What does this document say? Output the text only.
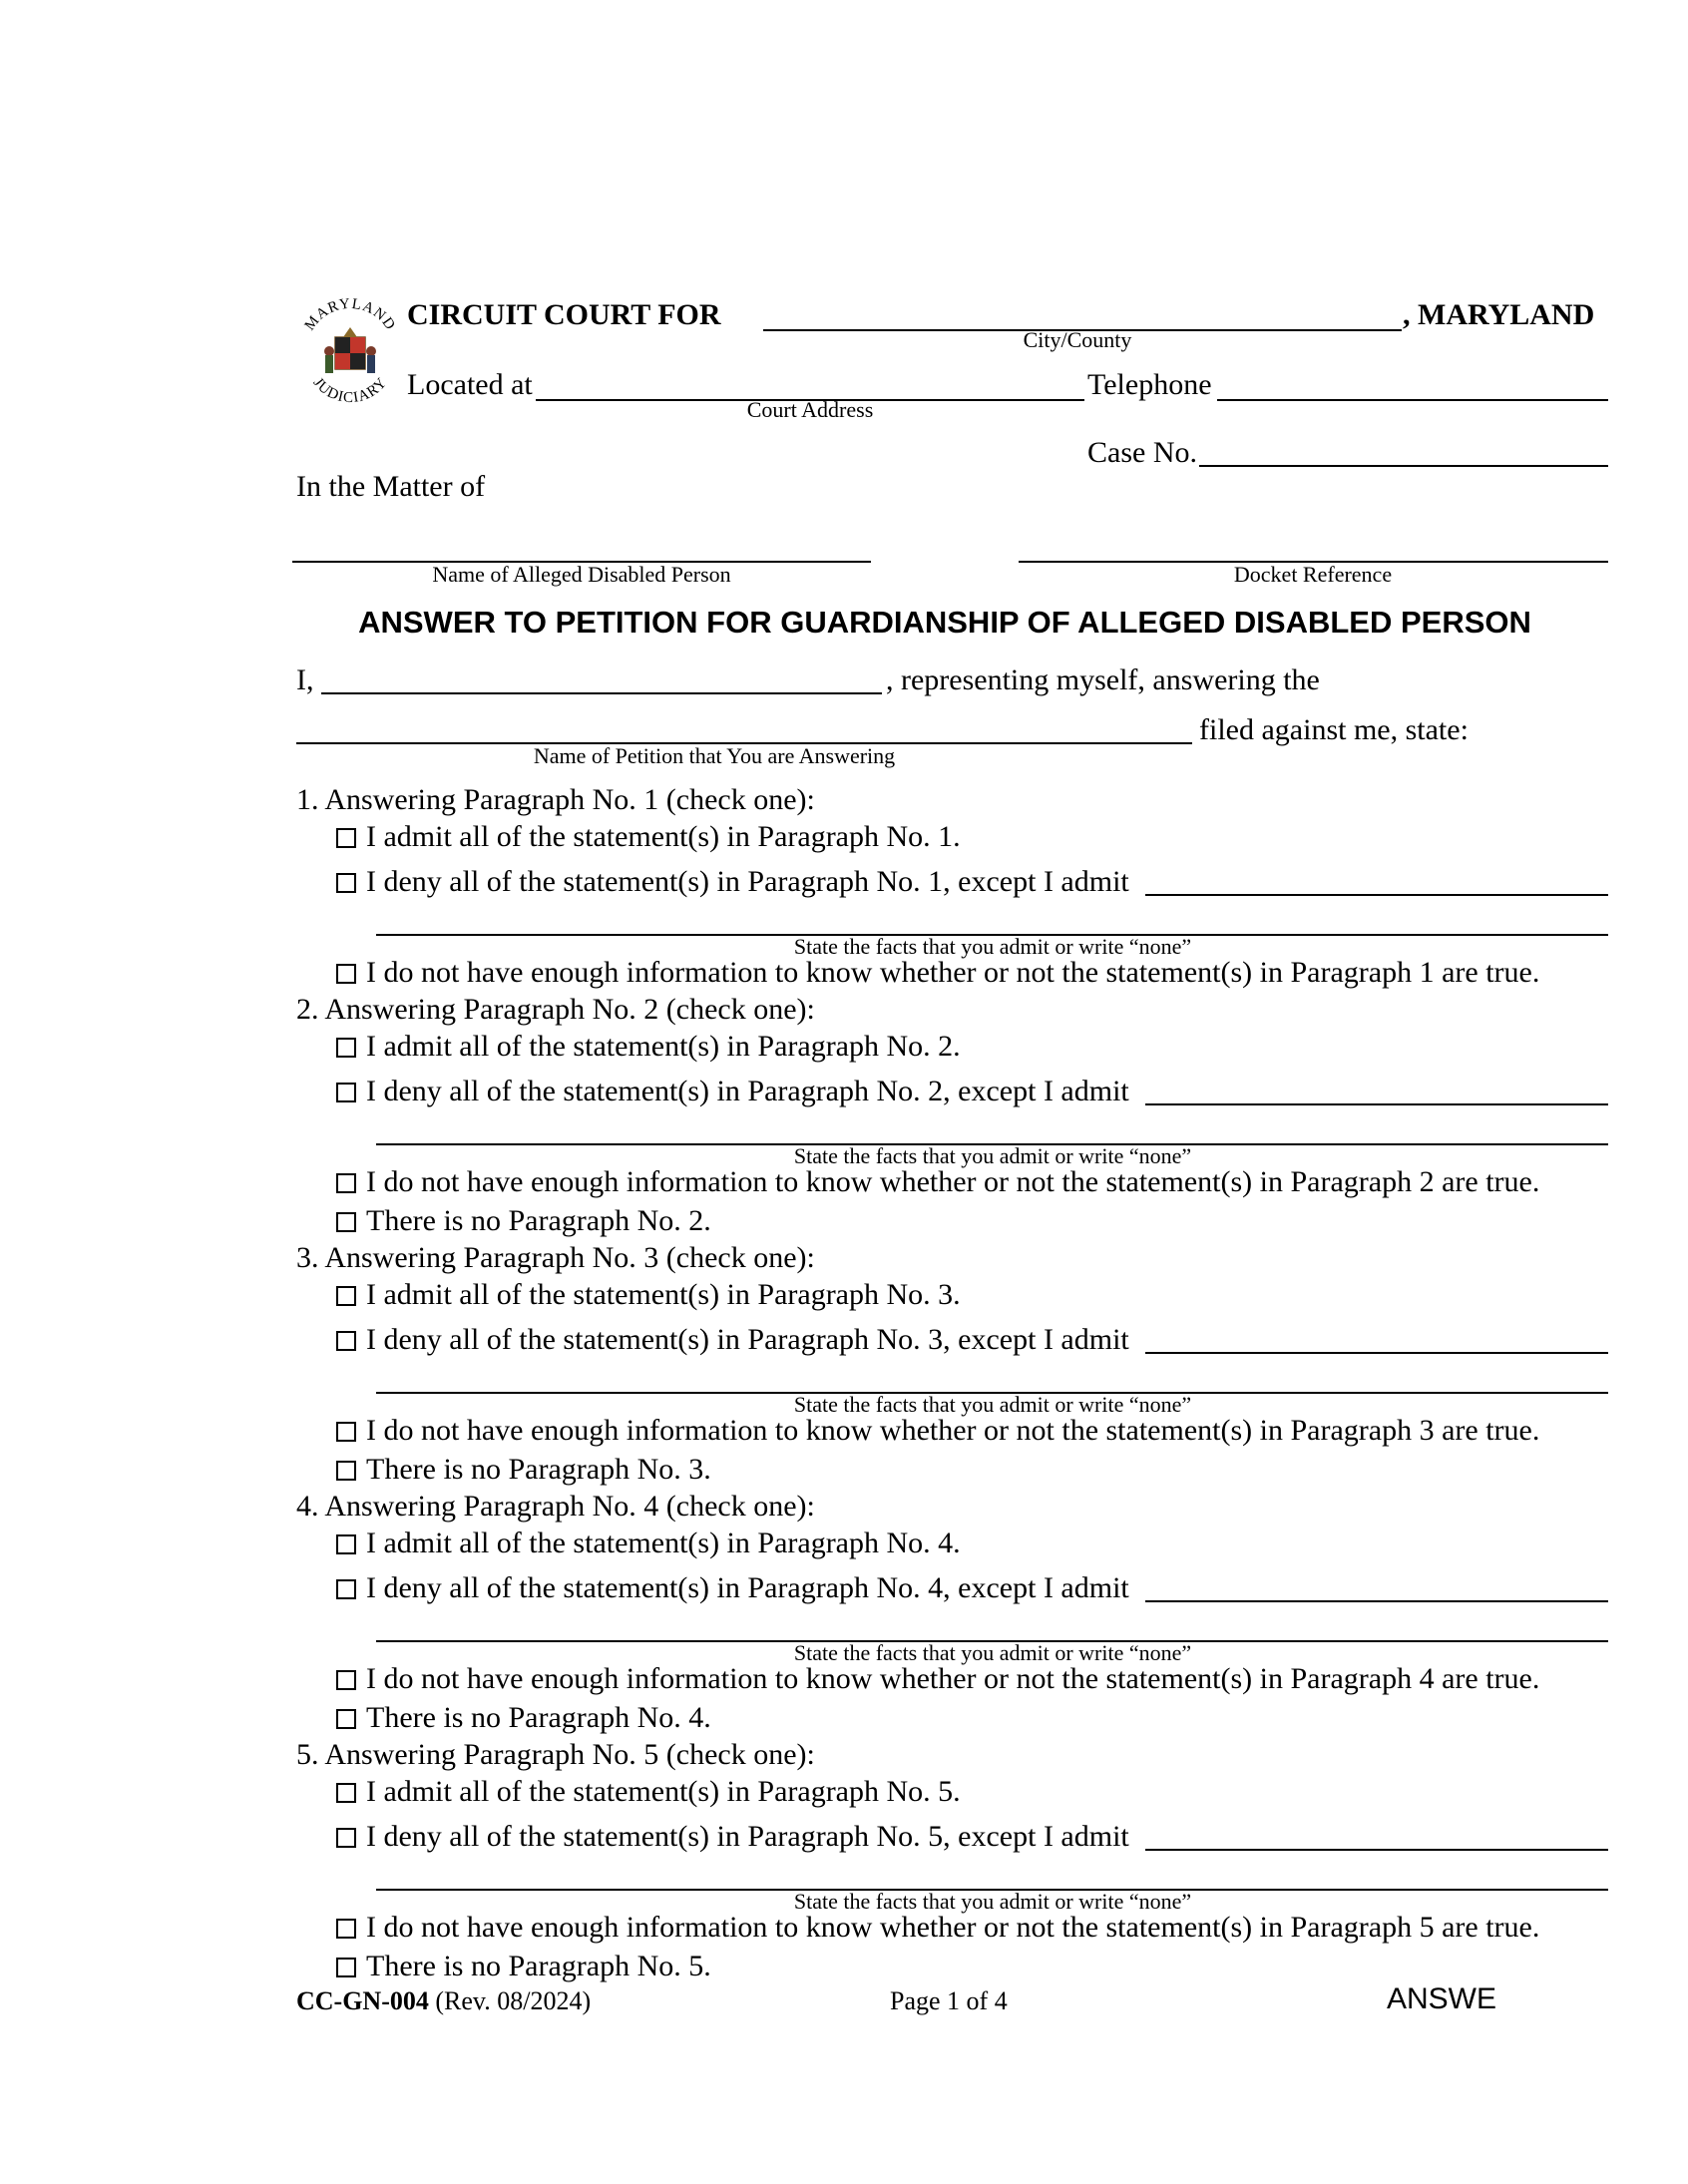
MARYLAND
JUDICIARY
CIRCUIT COURT FOR
City/County
, MARYLAND
Located at
Court Address
Telephone
Case No.
In the Matter of
Name of Alleged Disabled Person	Docket Reference
ANSWER TO PETITION FOR GUARDIANSHIP OF ALLEGED DISABLED PERSON
I,	, representing myself, answering the
filed against me, state:
Name of Petition that You are Answering
1. Answering Paragraph No. 1 (check one):
I admit all of the statement(s) in Paragraph No. 1.
I deny all of the statement(s) in Paragraph No. 1, except I admit
State the facts that you admit or write “none”
I do not have enough information to know whether or not the statement(s) in Paragraph 1 are true.
2. Answering Paragraph No. 2 (check one):
I admit all of the statement(s) in Paragraph No. 2.
I deny all of the statement(s) in Paragraph No. 2, except I admit
State the facts that you admit or write “none”
I do not have enough information to know whether or not the statement(s) in Paragraph 2 are true.
There is no Paragraph No. 2.
3. Answering Paragraph No. 3 (check one):
I admit all of the statement(s) in Paragraph No. 3.
I deny all of the statement(s) in Paragraph No. 3, except I admit
State the facts that you admit or write “none”
I do not have enough information to know whether or not the statement(s) in Paragraph 3 are true.
There is no Paragraph No. 3.
4. Answering Paragraph No. 4 (check one):
I admit all of the statement(s) in Paragraph No. 4.
I deny all of the statement(s) in Paragraph No. 4, except I admit
State the facts that you admit or write “none”
I do not have enough information to know whether or not the statement(s) in Paragraph 4 are true.
There is no Paragraph No. 4.
5. Answering Paragraph No. 5 (check one):
I admit all of the statement(s) in Paragraph No. 5.
I deny all of the statement(s) in Paragraph No. 5, except I admit
State the facts that you admit or write “none”
I do not have enough information to know whether or not the statement(s) in Paragraph 5 are true.
There is no Paragraph No. 5.
CC-GN-004 (Rev. 08/2024)	Page 1 of 4	ANSWE
